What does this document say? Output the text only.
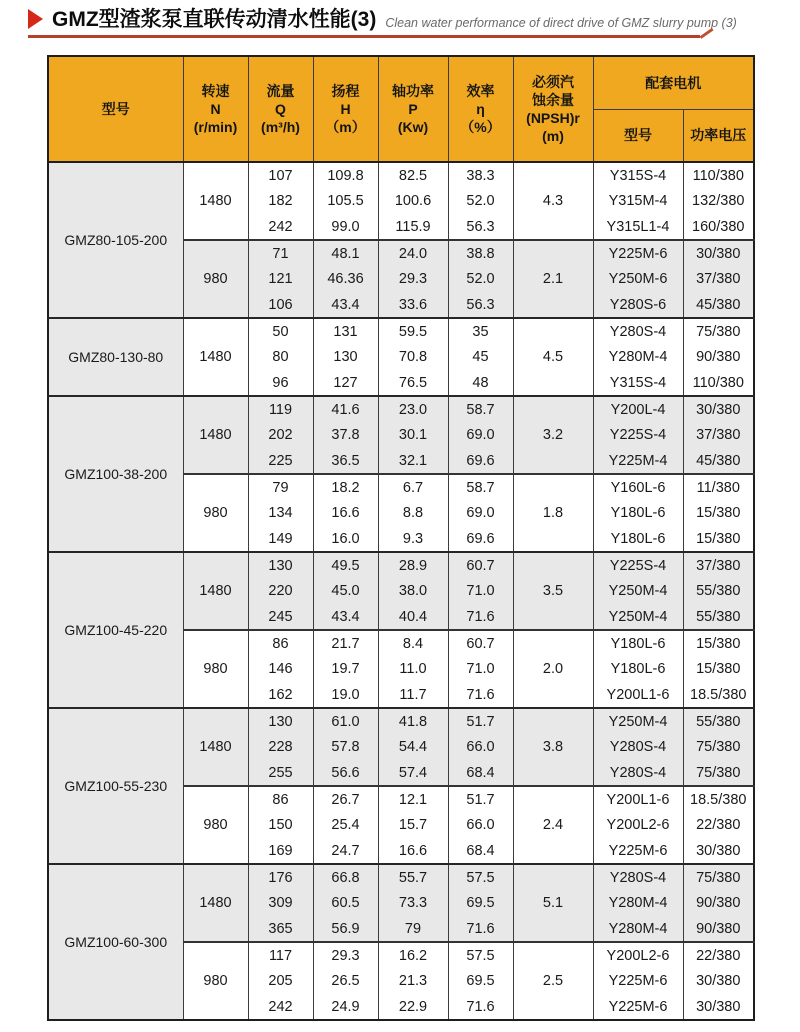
GMZ型渣浆泵直联传动清水性能(3) Clean water performance of direct drive of GMZ slurry pump (3)
型号	转速
N
(r/min)	流量
Q
(m³/h)	扬程
H
（m）	轴功率
P
(Kw)	效率
η
（%）	必须汽
蚀余量
(NPSH)r
(m)	配套电机	

							型号	功率电压

GMZ80-105-200	1480	107	109.8	82.5	38.3	4.3	Y315S-4	110/380
		182	105.5	100.6	52.0		Y315M-4	132/380
		242	99.0	115.9	56.3		Y315L1-4	160/380
	980	71	48.1	24.0	38.8	2.1	Y225M-6	30/380
		121	46.36	29.3	52.0		Y250M-6	37/380
		106	43.4	33.6	56.3		Y280S-6	45/380
GMZ80-130-80	1480	50	131	59.5	35	4.5	Y280S-4	75/380
		80	130	70.8	45		Y280M-4	90/380
		96	127	76.5	48		Y315S-4	110/380
GMZ100-38-200	1480	119	41.6	23.0	58.7	3.2	Y200L-4	30/380
		202	37.8	30.1	69.0		Y225S-4	37/380
		225	36.5	32.1	69.6		Y225M-4	45/380
	980	79	18.2	6.7	58.7	1.8	Y160L-6	11/380
		134	16.6	8.8	69.0		Y180L-6	15/380
		149	16.0	9.3	69.6		Y180L-6	15/380
GMZ100-45-220	1480	130	49.5	28.9	60.7	3.5	Y225S-4	37/380
		220	45.0	38.0	71.0		Y250M-4	55/380
		245	43.4	40.4	71.6		Y250M-4	55/380
	980	86	21.7	8.4	60.7	2.0	Y180L-6	15/380
		146	19.7	11.0	71.0		Y180L-6	15/380
		162	19.0	11.7	71.6		Y200L1-6	18.5/380
GMZ100-55-230	1480	130	61.0	41.8	51.7	3.8	Y250M-4	55/380
		228	57.8	54.4	66.0		Y280S-4	75/380
		255	56.6	57.4	68.4		Y280S-4	75/380
	980	86	26.7	12.1	51.7	2.4	Y200L1-6	18.5/380
		150	25.4	15.7	66.0		Y200L2-6	22/380
		169	24.7	16.6	68.4		Y225M-6	30/380
GMZ100-60-300	1480	176	66.8	55.7	57.5	5.1	Y280S-4	75/380
		309	60.5	73.3	69.5		Y280M-4	90/380
		365	56.9	79	71.6		Y280M-4	90/380
	980	117	29.3	16.2	57.5	2.5	Y200L2-6	22/380
		205	26.5	21.3	69.5		Y225M-6	30/380
		242	24.9	22.9	71.6		Y225M-6	30/380
